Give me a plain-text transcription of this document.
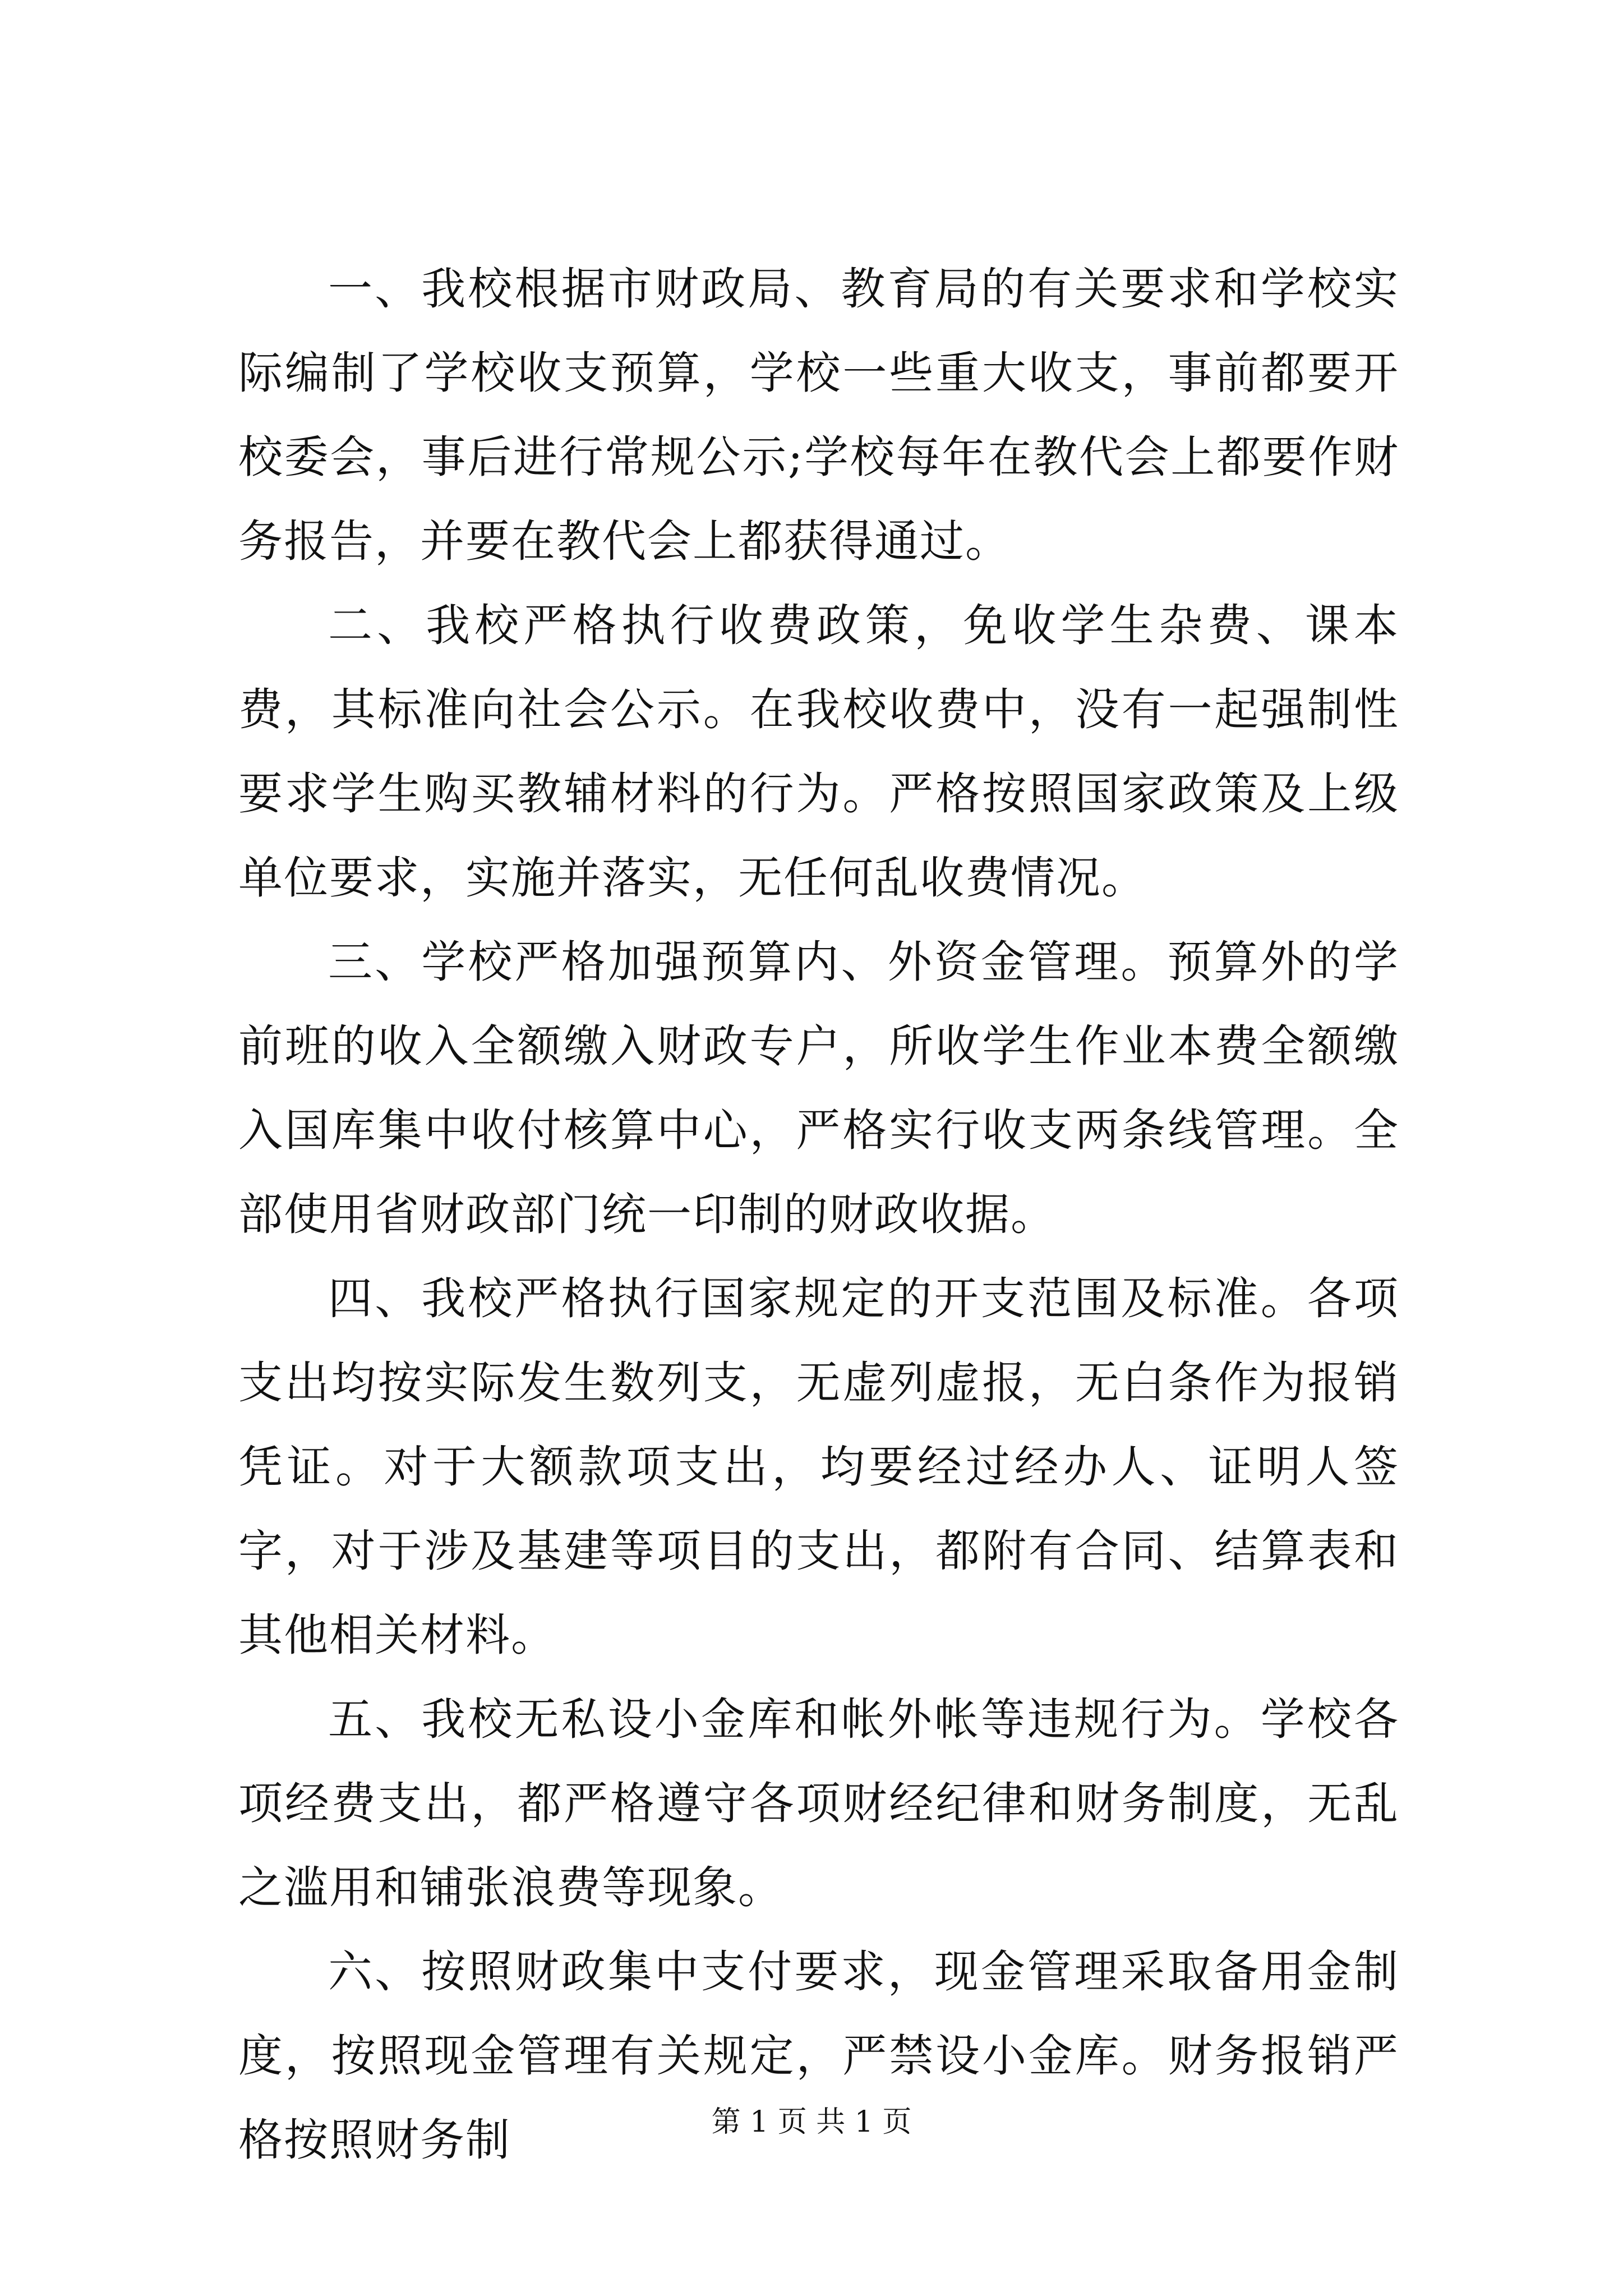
一、我校根据市财政局、教育局的有关要求和学校实际编制了学校收支预算，学校一些重大收支，事前都要开校委会，事后进行常规公示;学校每年在教代会上都要作财务报告，并要在教代会上都获得通过。

二、我校严格执行收费政策，免收学生杂费、课本费，其标准向社会公示。在我校收费中，没有一起强制性要求学生购买教辅材料的行为。严格按照国家政策及上级单位要求，实施并落实，无任何乱收费情况。

三、学校严格加强预算内、外资金管理。预算外的学前班的收入全额缴入财政专户，所收学生作业本费全额缴入国库集中收付核算中心，严格实行收支两条线管理。全部使用省财政部门统一印制的财政收据。

四、我校严格执行国家规定的开支范围及标准。各项支出均按实际发生数列支，无虚列虚报，无白条作为报销凭证。对于大额款项支出，均要经过经办人、证明人签字，对于涉及基建等项目的支出，都附有合同、结算表和其他相关材料。

五、我校无私设小金库和帐外帐等违规行为。学校各项经费支出，都严格遵守各项财经纪律和财务制度，无乱之滥用和铺张浪费等现象。

六、按照财政集中支付要求，现金管理采取备用金制度，按照现金管理有关规定，严禁设小金库。财务报销严格按照财务制	第 1 页 共 1 页
